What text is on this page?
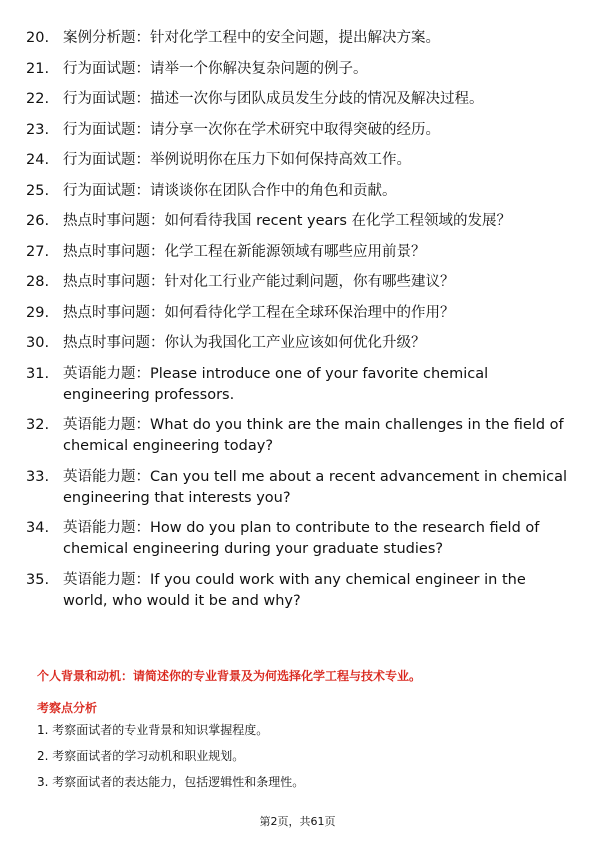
20. 案例分析题：针对化学工程中的安全问题，提出解决方案。
21. 行为面试题：请举一个你解决复杂问题的例子。
22. 行为面试题：描述一次你与团队成员发生分歧的情况及解决过程。
23. 行为面试题：请分享一次你在学术研究中取得突破的经历。
24. 行为面试题：举例说明你在压力下如何保持高效工作。
25. 行为面试题：请谈谈你在团队合作中的角色和贡献。
26. 热点时事问题：如何看待我国 recent years 在化学工程领域的发展？
27. 热点时事问题：化学工程在新能源领域有哪些应用前景？
28. 热点时事问题：针对化工行业产能过剩问题，你有哪些建议？
29. 热点时事问题：如何看待化学工程在全球环保治理中的作用？
30. 热点时事问题：你认为我国化工产业应该如何优化升级？
31. 英语能力题：Please introduce one of your favorite chemical engineering professors.
32. 英语能力题：What do you think are the main challenges in the field of chemical engineering today?
33. 英语能力题：Can you tell me about a recent advancement in chemical engineering that interests you?
34. 英语能力题：How do you plan to contribute to the research field of chemical engineering during your graduate studies?
35. 英语能力题：If you could work with any chemical engineer in the world, who would it be and why?
个人背景和动机：请简述你的专业背景及为何选择化学工程与技术专业。
考察点分析
1. 考察面试者的专业背景和知识掌握程度。
2. 考察面试者的学习动机和职业规划。
3. 考察面试者的表达能力，包括逻辑性和条理性。
第2页，共61页
